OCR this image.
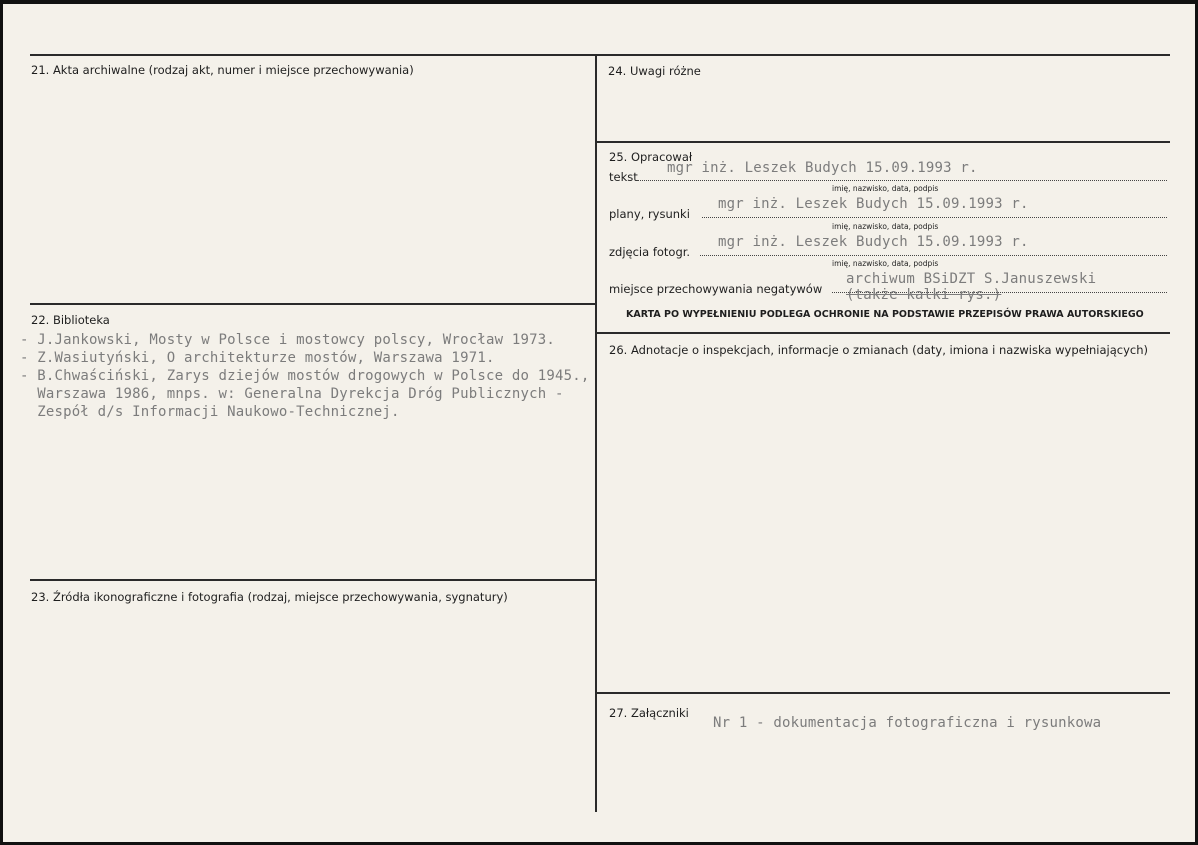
21. Akta archiwalne (rodzaj akt, numer i miejsce przechowywania)
22. Biblioteka
- J.Jankowski, Mosty w Polsce i mostowcy polscy, Wrocław 1973.
- Z.Wasiutyński, O architekturze mostów, Warszawa 1971.
- B.Chwaściński, Zarys dziejów mostów drogowych w Polsce do 1945.,
Warszawa 1986, mnps. w: Generalna Dyrekcja Dróg Publicznych -
Zespół d/s Informacji Naukowo-Technicznej.
23. Źródła ikonograficzne i fotografia (rodzaj, miejsce przechowywania, sygnatury)
24. Uwagi różne
25. Opracował
tekst
mgr inż. Leszek Budych 15.09.1993 r.
imię, nazwisko, data, podpis
plany, rysunki
mgr inż. Leszek Budych 15.09.1993 r.
imię, nazwisko, data, podpis
zdjęcia fotogr.
mgr inż. Leszek Budych 15.09.1993 r.
imię, nazwisko, data, podpis
miejsce przechowywania negatywów
archiwum BSiDZT S.Januszewski
(także kalki rys.)
KARTA PO WYPEŁNIENIU PODLEGA OCHRONIE NA PODSTAWIE PRZEPISÓW PRAWA AUTORSKIEGO
26. Adnotacje o inspekcjach, informacje o zmianach (daty, imiona i nazwiska wypełniających)
27. Załączniki
Nr 1 - dokumentacja fotograficzna i rysunkowa
